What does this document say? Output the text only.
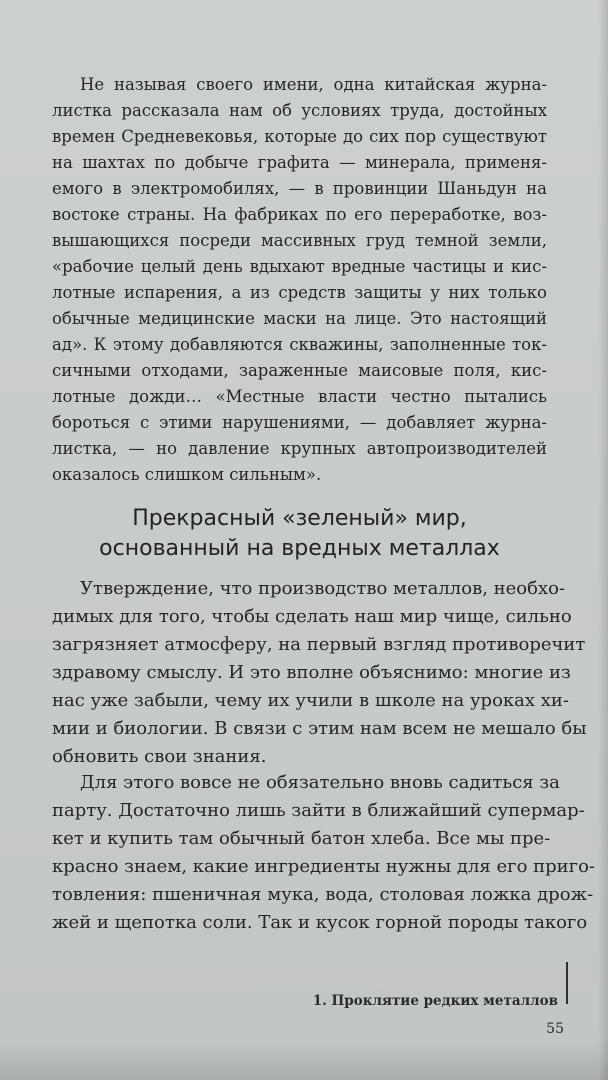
Не называя своего имени, одна китайская журна-

листка рассказала нам об условиях труда, достойных

времен Средневековья, которые до сих пор существуют

на шахтах по добыче графита — минерала, применя-

емого в электромобилях, — в провинции Шаньдун на

востоке страны. На фабриках по его переработке, воз-

вышающихся посреди массивных груд темной земли,

«рабочие целый день вдыхают вредные частицы и кис-

лотные испарения, а из средств защиты у них только

обычные медицинские маски на лице. Это настоящий

ад». К этому добавляются скважины, заполненные ток-

сичными отходами, зараженные маисовые поля, кис-

лотные дожди… «Местные власти честно пытались

бороться с этими нарушениями, — добавляет журна-

листка, — но давление крупных автопроизводителей

оказалось слишком сильным».

Прекрасный «зеленый» мир,
основанный на вредных металлах

Утверждение, что производство металлов, необхо-

димых для того, чтобы сделать наш мир чище, сильно

загрязняет атмосферу, на первый взгляд противоречит

здравому смыслу. И это вполне объяснимо: многие из

нас уже забыли, чему их учили в школе на уроках хи-

мии и биологии. В связи с этим нам всем не мешало бы

обновить свои знания.

Для этого вовсе не обязательно вновь садиться за

парту. Достаточно лишь зайти в ближайший супермар-

кет и купить там обычный батон хлеба. Все мы пре-

красно знаем, какие ингредиенты нужны для его приго-

товления: пшеничная мука, вода, столовая ложка дрож-

жей и щепотка соли. Так и кусок горной породы такого

1. Проклятие редких металлов
55
